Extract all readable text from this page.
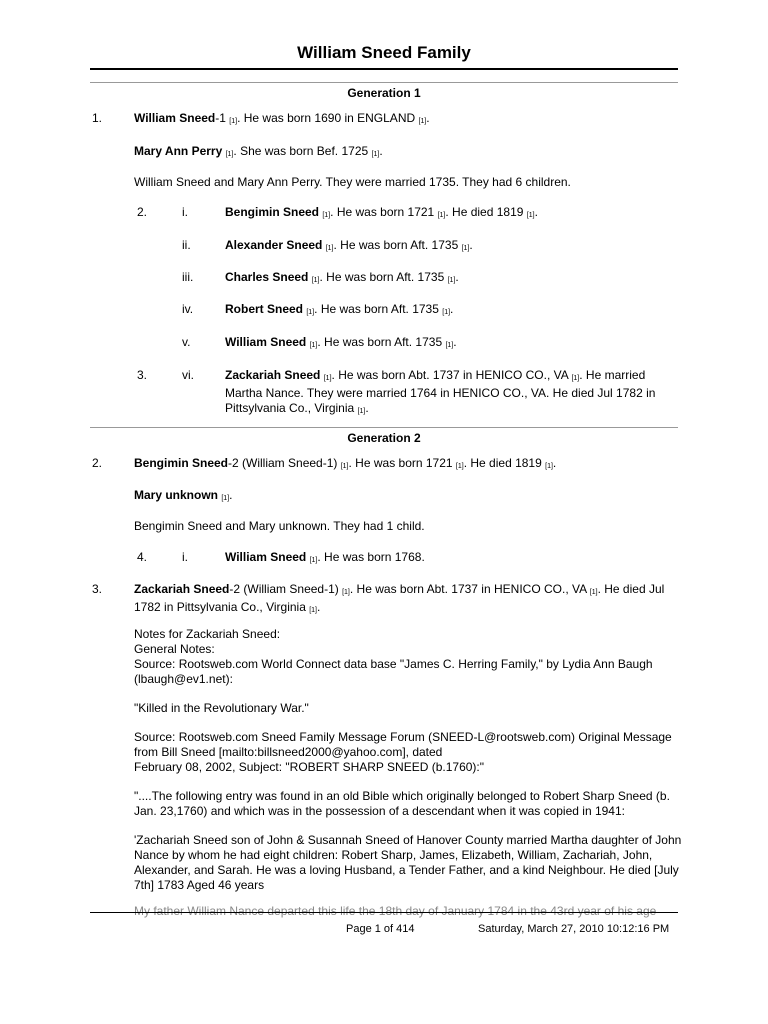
William Sneed Family
Generation 1
1.	William Sneed-1 [1]. He was born 1690 in ENGLAND [1].
Mary Ann Perry [1]. She was born Bef. 1725 [1].
William Sneed and Mary Ann Perry. They were married 1735. They had 6 children.
2.	i.	Bengimin Sneed [1]. He was born 1721 [1]. He died 1819 [1].
ii.	Alexander Sneed [1]. He was born Aft. 1735 [1].
iii.	Charles Sneed [1]. He was born Aft. 1735 [1].
iv.	Robert Sneed [1]. He was born Aft. 1735 [1].
v.	William Sneed [1]. He was born Aft. 1735 [1].
3.	vi.	Zackariah Sneed [1]. He was born Abt. 1737 in HENICO CO., VA [1]. He married Martha Nance. They were married 1764 in HENICO CO., VA. He died Jul 1782 in Pittsylvania Co., Virginia [1].
Generation 2
2.	Bengimin Sneed-2 (William Sneed-1) [1]. He was born 1721 [1]. He died 1819 [1].
Mary unknown [1].
Bengimin Sneed and Mary unknown. They had 1 child.
4.	i.	William Sneed [1]. He was born 1768.
3.	Zackariah Sneed-2 (William Sneed-1) [1]. He was born Abt. 1737 in HENICO CO., VA [1]. He died Jul 1782 in Pittsylvania Co., Virginia [1].

Notes for Zackariah Sneed:

General Notes:

Source: Rootsweb.com World Connect data base "James C. Herring Family," by Lydia Ann Baugh (lbaugh@ev1.net):

"Killed in the Revolutionary War."

Source: Rootsweb.com Sneed Family Message Forum (SNEED-L@rootsweb.com) Original Message from Bill Sneed [mailto:billsneed2000@yahoo.com], dated

February 08, 2002, Subject: "ROBERT SHARP SNEED (b.1760):"

"....The following entry was found in an old Bible which originally belonged to Robert Sharp Sneed (b. Jan. 23,1760) and which was in the possession of a descendant when it was copied in 1941:

'Zachariah Sneed son of John & Susannah Sneed of Hanover County married Martha daughter of John Nance by whom he had eight children: Robert Sharp, James, Elizabeth, William, Zachariah, John, Alexander, and Sarah. He was a loving Husband, a Tender Father, and a kind Neighbour. He died [July 7th] 1783 Aged 46 years

My father William Nance departed this life the 18th day of January 1784 in the 43rd year of his age
Page 1 of 414	Saturday, March 27, 2010 10:12:16 PM
